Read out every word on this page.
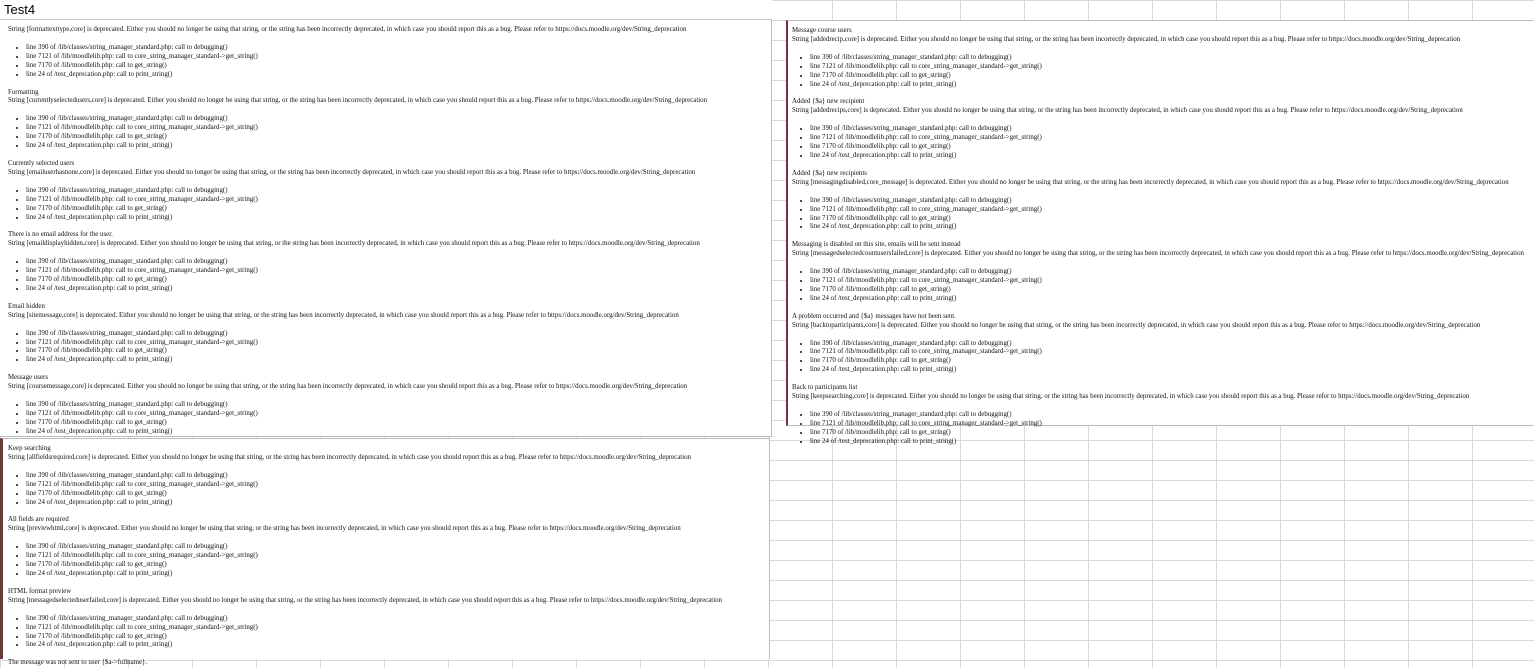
Test4

String [formattexttype,core] is deprecated. Either you should no longer be using that string, or the string has been incorrectly deprecated, in which case you should report this as a bug. Please refer to https://docs.moodle.org/dev/String_deprecation

• line 390 of /lib/classes/string_manager_standard.php: call to debugging()
• line 7121 of /lib/moodlelib.php: call to core_string_manager_standard->get_string()
• line 7170 of /lib/moodlelib.php: call to get_string()
• line 24 of /test_deprecation.php: call to print_string()

Formatting

String [currentlyselectedusers,core] is deprecated. Either you should no longer be using that string, or the string has been incorrectly deprecated, in which case you should report this as a bug. Please refer to https://docs.moodle.org/dev/String_deprecation

• line 390 of /lib/classes/string_manager_standard.php: call to debugging()
• line 7121 of /lib/moodlelib.php: call to core_string_manager_standard->get_string()
• line 7170 of /lib/moodlelib.php: call to get_string()
• line 24 of /test_deprecation.php: call to print_string()

Currently selected users

String [emailuserhasnone,core] is deprecated. Either you should no longer be using that string, or the string has been incorrectly deprecated, in which case you should report this as a bug. Please refer to https://docs.moodle.org/dev/String_deprecation

• line 390 of /lib/classes/string_manager_standard.php: call to debugging()
• line 7121 of /lib/moodlelib.php: call to core_string_manager_standard->get_string()
• line 7170 of /lib/moodlelib.php: call to get_string()
• line 24 of /test_deprecation.php: call to print_string()

There is no email address for the user.

String [emaildisplayhidden,core] is deprecated. Either you should no longer be using that string, or the string has been incorrectly deprecated, in which case you should report this as a bug. Please refer to https://docs.moodle.org/dev/String_deprecation

• line 390 of /lib/classes/string_manager_standard.php: call to debugging()
• line 7121 of /lib/moodlelib.php: call to core_string_manager_standard->get_string()
• line 7170 of /lib/moodlelib.php: call to get_string()
• line 24 of /test_deprecation.php: call to print_string()

Email hidden

String [sitemessage,core] is deprecated. Either you should no longer be using that string, or the string has been incorrectly deprecated, in which case you should report this as a bug. Please refer to https://docs.moodle.org/dev/String_deprecation

• line 390 of /lib/classes/string_manager_standard.php: call to debugging()
• line 7121 of /lib/moodlelib.php: call to core_string_manager_standard->get_string()
• line 7170 of /lib/moodlelib.php: call to get_string()
• line 24 of /test_deprecation.php: call to print_string()

Message users

String [coursemessage,core] is deprecated. Either you should no longer be using that string, or the string has been incorrectly deprecated, in which case you should report this as a bug. Please refer to https://docs.moodle.org/dev/String_deprecation

• line 390 of /lib/classes/string_manager_standard.php: call to debugging()
• line 7121 of /lib/moodlelib.php: call to core_string_manager_standard->get_string()
• line 7170 of /lib/moodlelib.php: call to get_string()
• line 24 of /test_deprecation.php: call to print_string()

Message course users

String [addedrecip,core] is deprecated. Either you should no longer be using that string, or the string has been incorrectly deprecated, in which case you should report this as a bug. Please refer to https://docs.moodle.org/dev/String_deprecation

• line 390 of /lib/classes/string_manager_standard.php: call to debugging()
• line 7121 of /lib/moodlelib.php: call to core_string_manager_standard->get_string()
• line 7170 of /lib/moodlelib.php: call to get_string()
• line 24 of /test_deprecation.php: call to print_string()

Added {$a} new recipient

String [addedrecips,core] is deprecated. Either you should no longer be using that string, or the string has been incorrectly deprecated, in which case you should report this as a bug. Please refer to https://docs.moodle.org/dev/String_deprecation

• line 390 of /lib/classes/string_manager_standard.php: call to debugging()
• line 7121 of /lib/moodlelib.php: call to core_string_manager_standard->get_string()
• line 7170 of /lib/moodlelib.php: call to get_string()
• line 24 of /test_deprecation.php: call to print_string()

Added {$a} new recipients

String [messagingdisabled,core_message] is deprecated. Either you should no longer be using that string, or the string has been incorrectly deprecated, in which case you should report this as a bug. Please refer to https://docs.moodle.org/dev/String_deprecation

• line 390 of /lib/classes/string_manager_standard.php: call to debugging()
• line 7121 of /lib/moodlelib.php: call to core_string_manager_standard->get_string()
• line 7170 of /lib/moodlelib.php: call to get_string()
• line 24 of /test_deprecation.php: call to print_string()

Messaging is disabled on this site, emails will be sent instead

String [messagedselectedcountusersfailed,core] is deprecated. Either you should no longer be using that string, or the string has been incorrectly deprecated, in which case you should report this as a bug. Please refer to https://docs.moodle.org/dev/String_deprecation

• line 390 of /lib/classes/string_manager_standard.php: call to debugging()
• line 7121 of /lib/moodlelib.php: call to core_string_manager_standard->get_string()
• line 7170 of /lib/moodlelib.php: call to get_string()
• line 24 of /test_deprecation.php: call to print_string()

A problem occurred and {$a} messages have not been sent.

String [backtoparticipants,core] is deprecated. Either you should no longer be using that string, or the string has been incorrectly deprecated, in which case you should report this as a bug. Please refer to https://docs.moodle.org/dev/String_deprecation

• line 390 of /lib/classes/string_manager_standard.php: call to debugging()
• line 7121 of /lib/moodlelib.php: call to core_string_manager_standard->get_string()
• line 7170 of /lib/moodlelib.php: call to get_string()
• line 24 of /test_deprecation.php: call to print_string()

Back to participants list

String [keepsearching,core] is deprecated. Either you should no longer be using that string, or the string has been incorrectly deprecated, in which case you should report this as a bug. Please refer to https://docs.moodle.org/dev/String_deprecation

• line 390 of /lib/classes/string_manager_standard.php: call to debugging()
• line 7121 of /lib/moodlelib.php: call to core_string_manager_standard->get_string()
• line 7170 of /lib/moodlelib.php: call to get_string()
• line 24 of /test_deprecation.php: call to print_string()

Keep searching

String [allfieldsrequired,core] is deprecated. Either you should no longer be using that string, or the string has been incorrectly deprecated, in which case you should report this as a bug. Please refer to https://docs.moodle.org/dev/String_deprecation

• line 390 of /lib/classes/string_manager_standard.php: call to debugging()
• line 7121 of /lib/moodlelib.php: call to core_string_manager_standard->get_string()
• line 7170 of /lib/moodlelib.php: call to get_string()
• line 24 of /test_deprecation.php: call to print_string()

All fields are required

String [previewhtml,core] is deprecated. Either you should no longer be using that string, or the string has been incorrectly deprecated, in which case you should report this as a bug. Please refer to https://docs.moodle.org/dev/String_deprecation

• line 390 of /lib/classes/string_manager_standard.php: call to debugging()
• line 7121 of /lib/moodlelib.php: call to core_string_manager_standard->get_string()
• line 7170 of /lib/moodlelib.php: call to get_string()
• line 24 of /test_deprecation.php: call to print_string()

HTML format preview

String [messagedselecteduserfailed,core] is deprecated. Either you should no longer be using that string, or the string has been incorrectly deprecated, in which case you should report this as a bug. Please refer to https://docs.moodle.org/dev/String_deprecation

• line 390 of /lib/classes/string_manager_standard.php: call to debugging()
• line 7121 of /lib/moodlelib.php: call to core_string_manager_standard->get_string()
• line 7170 of /lib/moodlelib.php: call to get_string()
• line 24 of /test_deprecation.php: call to print_string()

The message was not sent to user {$a->fullname}.
